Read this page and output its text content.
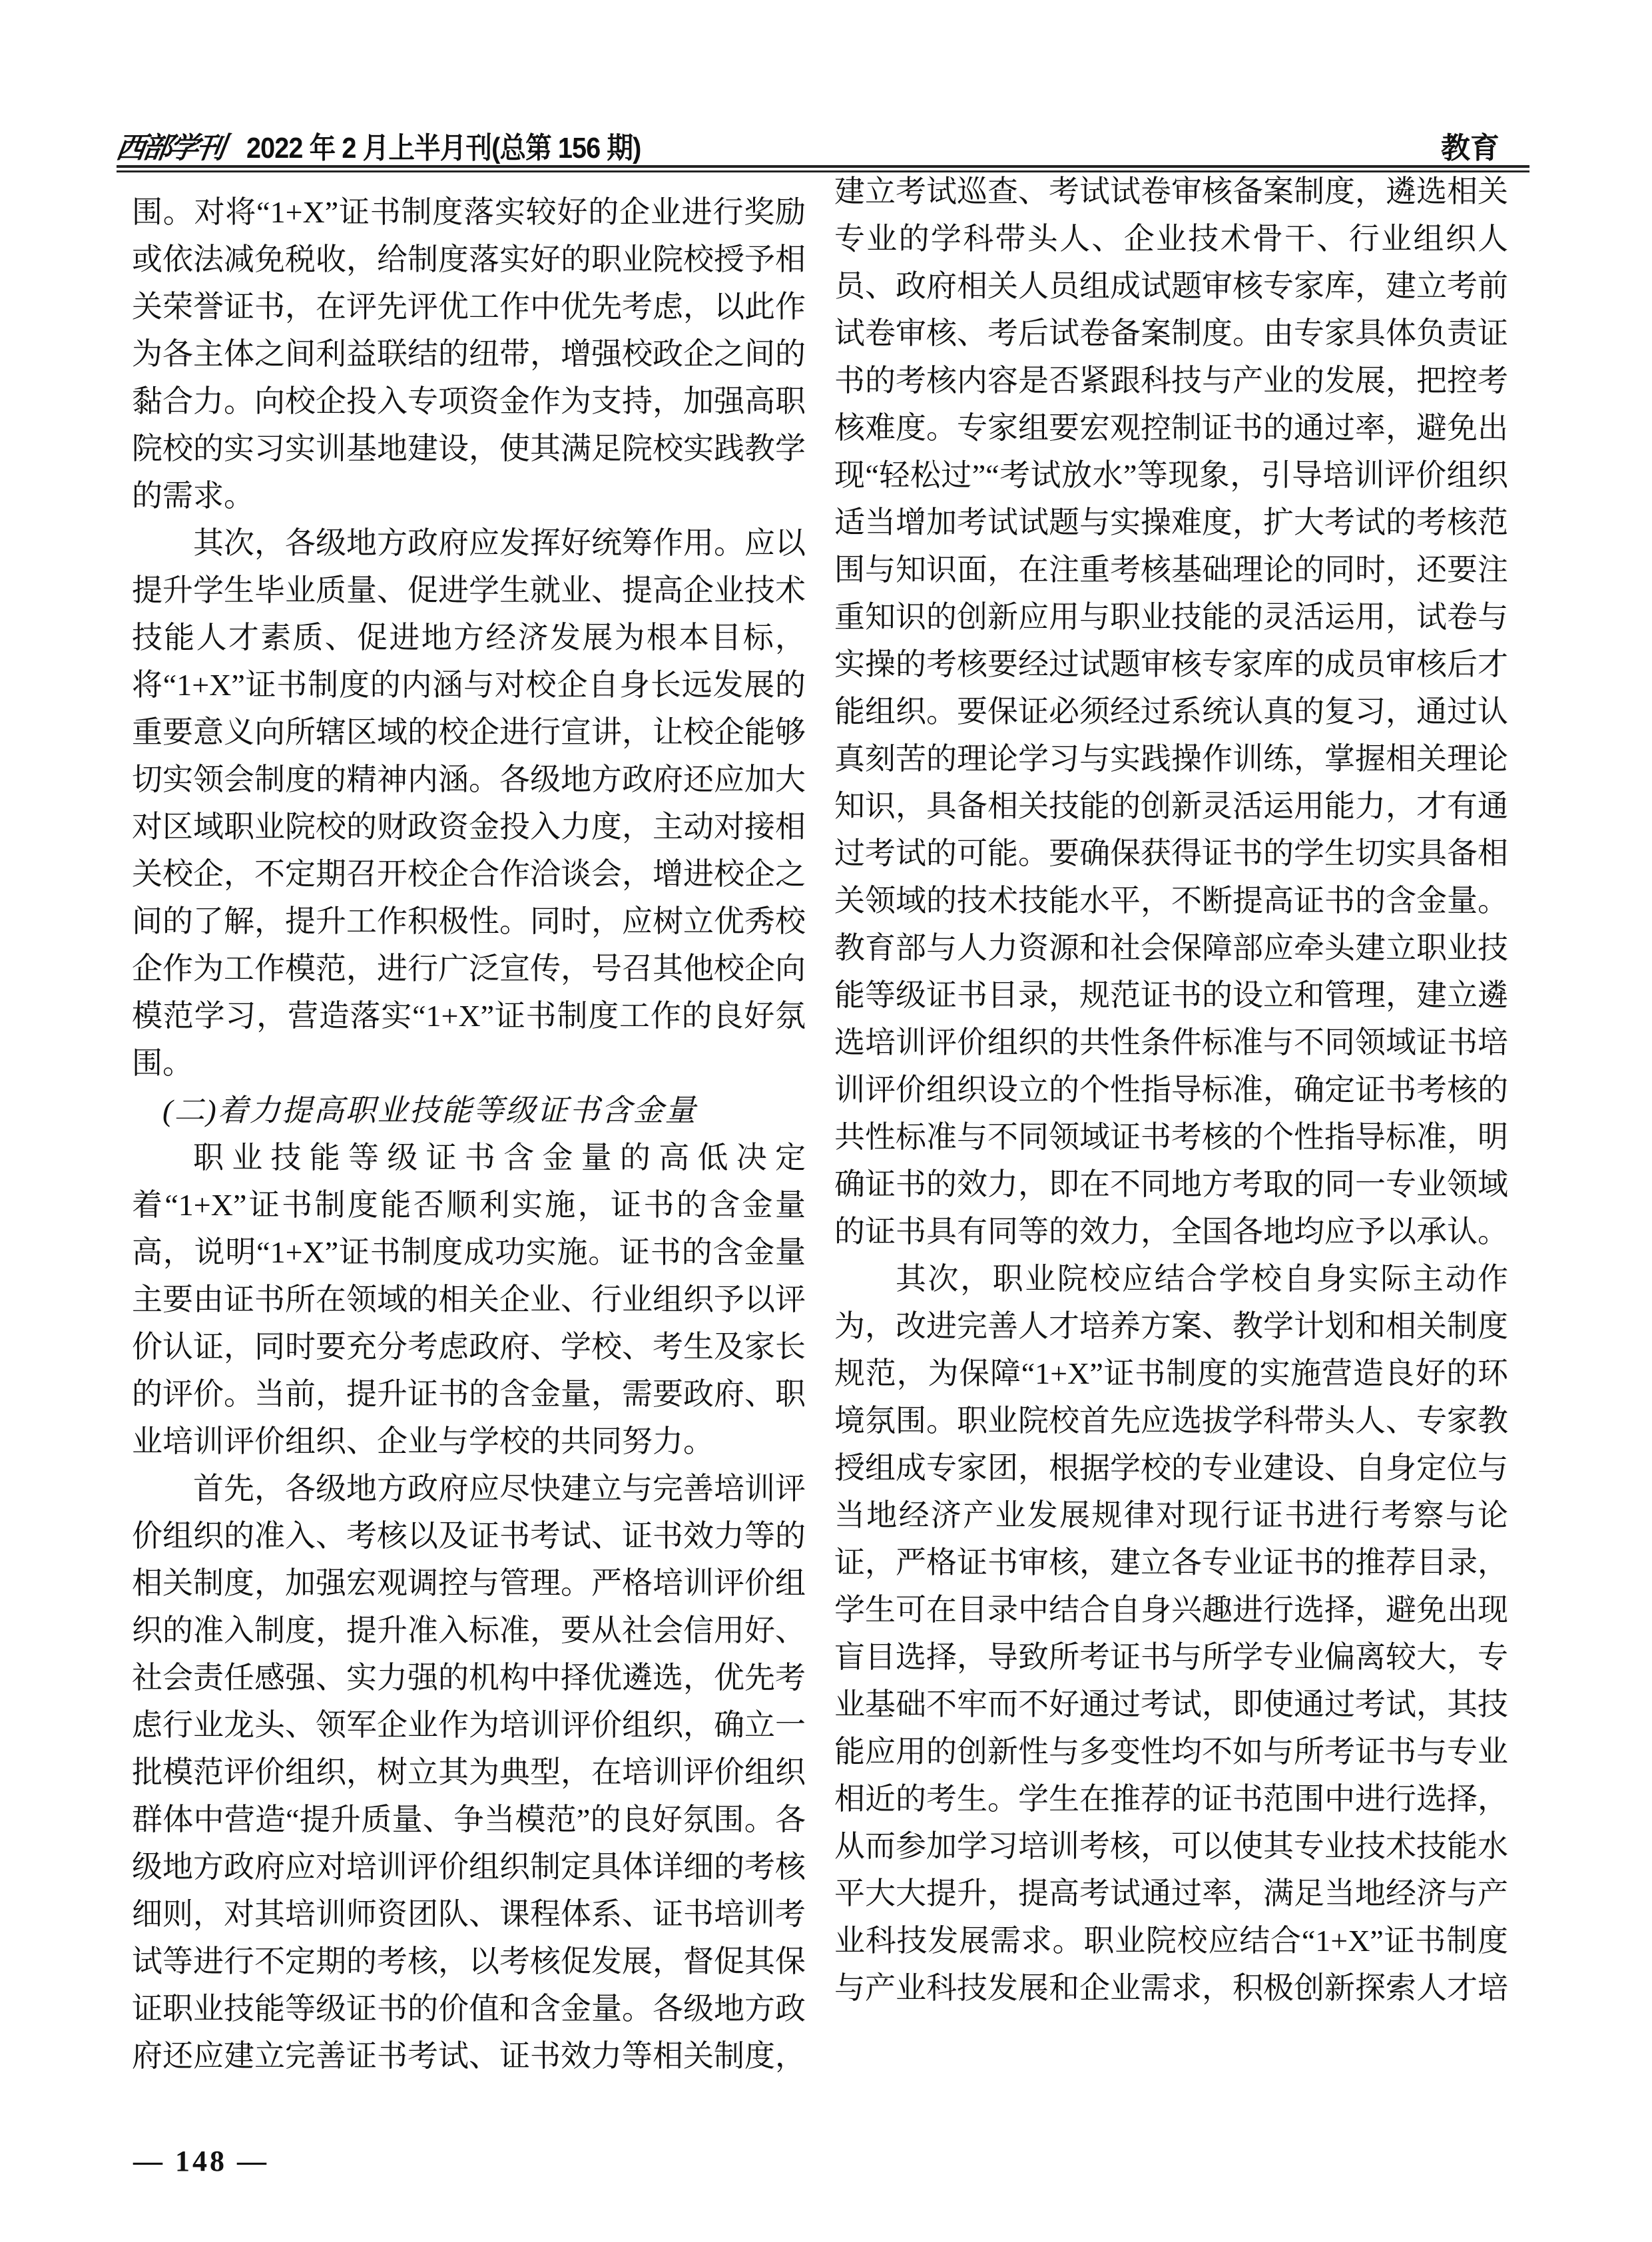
西部学刊 2022 年 2 月上半月刊(总第 156 期)	教育

围。对将“1+X”证书制度落实较好的企业进行奖励或依法减免税收，给制度落实好的职业院校授予相关荣誉证书，在评先评优工作中优先考虑，以此作为各主体之间利益联结的纽带，增强校政企之间的黏合力。向校企投入专项资金作为支持，加强高职院校的实习实训基地建设，使其满足院校实践教学的需求。

其次，各级地方政府应发挥好统筹作用。应以提升学生毕业质量、促进学生就业、提高企业技术技能人才素质、促进地方经济发展为根本目标，将“1+X”证书制度的内涵与对校企自身长远发展的重要意义向所辖区域的校企进行宣讲，让校企能够切实领会制度的精神内涵。各级地方政府还应加大对区域职业院校的财政资金投入力度，主动对接相关校企，不定期召开校企合作洽谈会，增进校企之间的了解，提升工作积极性。同时，应树立优秀校企作为工作模范，进行广泛宣传，号召其他校企向模范学习，营造落实“1+X”证书制度工作的良好氛围。

(二)着力提高职业技能等级证书含金量

职业技能等级证书含金量的高低决定着“1+X”证书制度能否顺利实施，证书的含金量高，说明“1+X”证书制度成功实施。证书的含金量主要由证书所在领域的相关企业、行业组织予以评价认证，同时要充分考虑政府、学校、考生及家长的评价。当前，提升证书的含金量，需要政府、职业培训评价组织、企业与学校的共同努力。

首先，各级地方政府应尽快建立与完善培训评价组织的准入、考核以及证书考试、证书效力等的相关制度，加强宏观调控与管理。严格培训评价组织的准入制度，提升准入标准，要从社会信用好、社会责任感强、实力强的机构中择优遴选，优先考虑行业龙头、领军企业作为培训评价组织，确立一批模范评价组织，树立其为典型，在培训评价组织群体中营造“提升质量、争当模范”的良好氛围。各级地方政府应对培训评价组织制定具体详细的考核细则，对其培训师资团队、课程体系、证书培训考试等进行不定期的考核，以考核促发展，督促其保证职业技能等级证书的价值和含金量。各级地方政府还应建立完善证书考试、证书效力等相关制度，

建立考试巡查、考试试卷审核备案制度，遴选相关专业的学科带头人、企业技术骨干、行业组织人员、政府相关人员组成试题审核专家库，建立考前试卷审核、考后试卷备案制度。由专家具体负责证书的考核内容是否紧跟科技与产业的发展，把控考核难度。专家组要宏观控制证书的通过率，避免出现“轻松过”“考试放水”等现象，引导培训评价组织适当增加考试试题与实操难度，扩大考试的考核范围与知识面，在注重考核基础理论的同时，还要注重知识的创新应用与职业技能的灵活运用，试卷与实操的考核要经过试题审核专家库的成员审核后才能组织。要保证必须经过系统认真的复习，通过认真刻苦的理论学习与实践操作训练，掌握相关理论知识，具备相关技能的创新灵活运用能力，才有通过考试的可能。要确保获得证书的学生切实具备相关领域的技术技能水平，不断提高证书的含金量。教育部与人力资源和社会保障部应牵头建立职业技能等级证书目录，规范证书的设立和管理，建立遴选培训评价组织的共性条件标准与不同领域证书培训评价组织设立的个性指导标准，确定证书考核的共性标准与不同领域证书考核的个性指导标准，明确证书的效力，即在不同地方考取的同一专业领域的证书具有同等的效力，全国各地均应予以承认。

其次，职业院校应结合学校自身实际主动作为，改进完善人才培养方案、教学计划和相关制度规范，为保障“1+X”证书制度的实施营造良好的环境氛围。职业院校首先应选拔学科带头人、专家教授组成专家团，根据学校的专业建设、自身定位与当地经济产业发展规律对现行证书进行考察与论证，严格证书审核，建立各专业证书的推荐目录，学生可在目录中结合自身兴趣进行选择，避免出现盲目选择，导致所考证书与所学专业偏离较大，专业基础不牢而不好通过考试，即使通过考试，其技能应用的创新性与多变性均不如与所考证书与专业相近的考生。学生在推荐的证书范围中进行选择，从而参加学习培训考核，可以使其专业技术技能水平大大提升，提高考试通过率，满足当地经济与产业科技发展需求。职业院校应结合“1+X”证书制度与产业科技发展和企业需求，积极创新探索人才培

— 148 —
